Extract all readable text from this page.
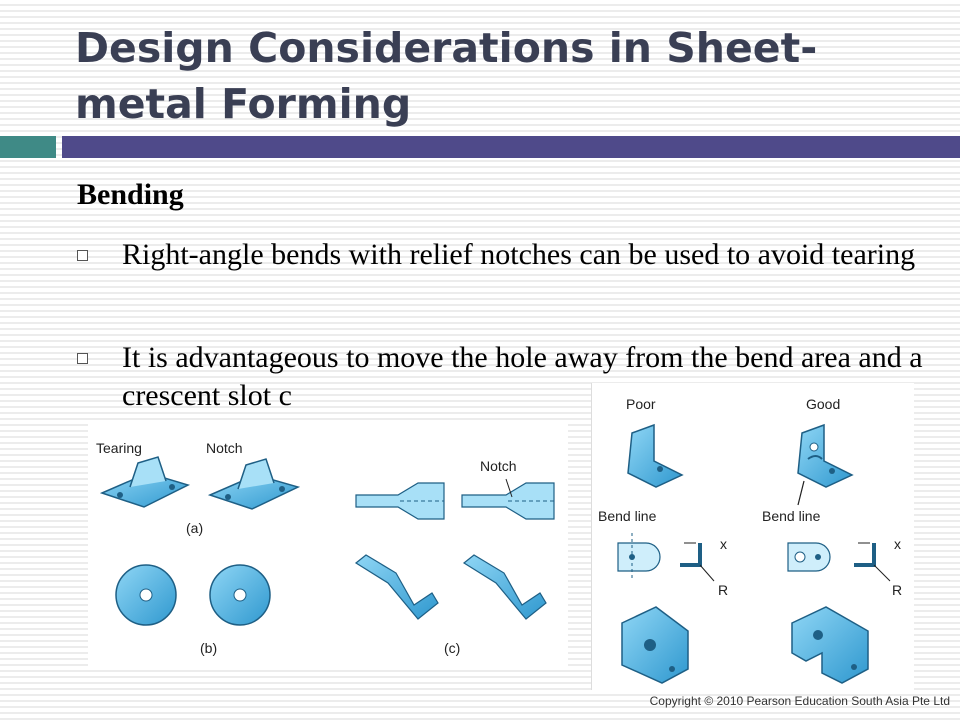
Design Considerations in Sheet-metal Forming
Bending
Right-angle bends with relief notches can be used to avoid tearing
It is advantageous to move the hole away from the bend area and a crescent slot c
Tearing	Notch
(a)
(b)
Notch
(c)
Poor	Good
Bend line	Bend line
x
R
x
R
Copyright © 2010 Pearson Education South Asia Pte Ltd
